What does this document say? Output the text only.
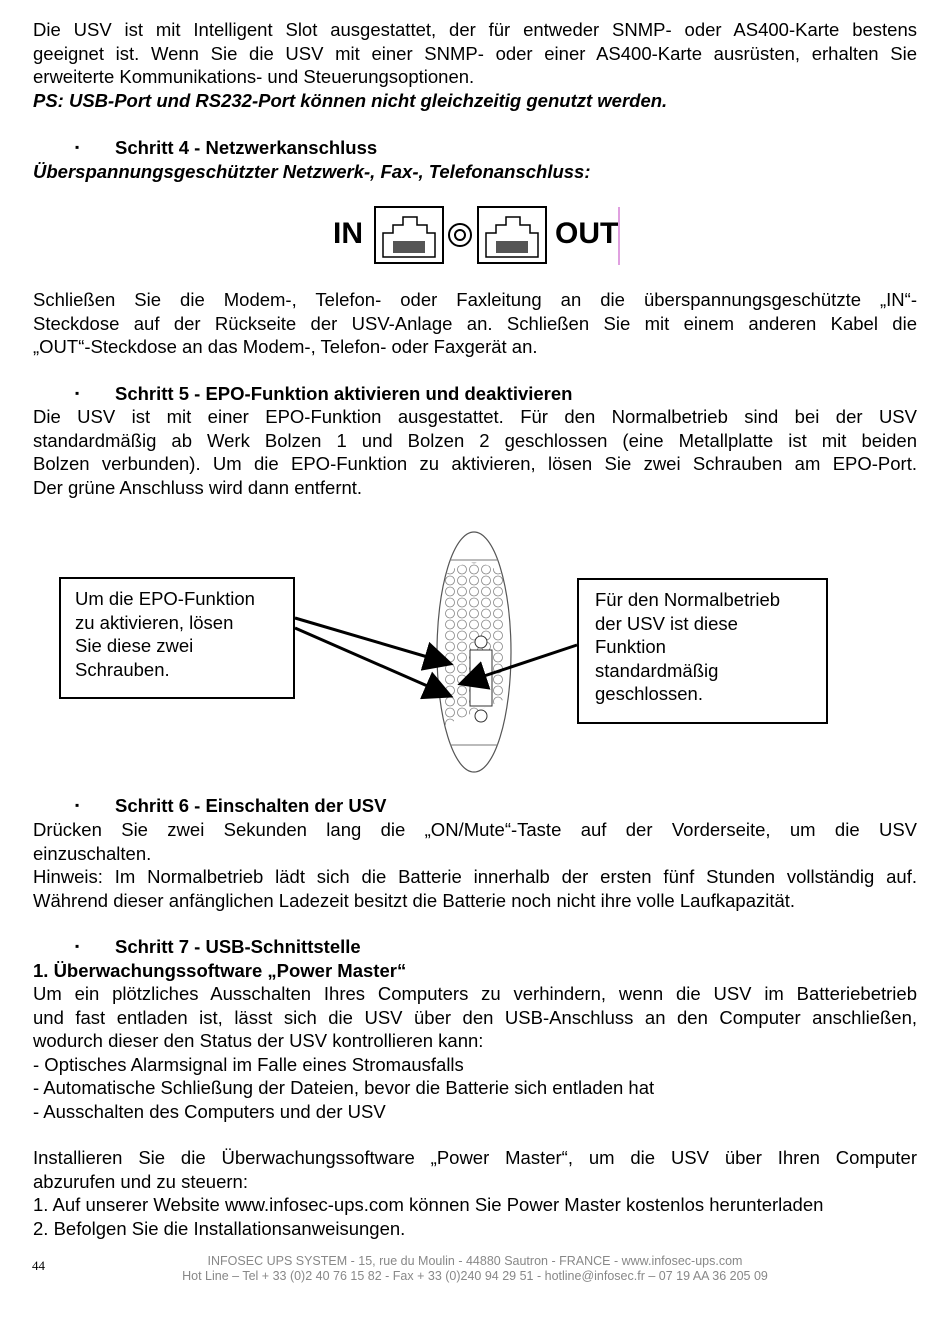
Die USV ist mit Intelligent Slot ausgestattet, der für entweder SNMP- oder AS400-Karte bestens
geeignet ist. Wenn Sie die USV mit einer SNMP- oder einer AS400-Karte ausrüsten, erhalten Sie
erweiterte Kommunikations- und Steuerungsoptionen.
PS: USB-Port und RS232-Port können nicht gleichzeitig genutzt werden.
▪ Schritt 4 - Netzwerkanschluss
Überspannungsgeschützter Netzwerk-, Fax-, Telefonanschluss:
IN	OUT
Schließen Sie die Modem-, Telefon- oder Faxleitung an die überspannungsgeschützte „IN“-
Steckdose auf der Rückseite der USV-Anlage an. Schließen Sie mit einem anderen Kabel die
„OUT“-Steckdose an das Modem-, Telefon- oder Faxgerät an.
▪ Schritt 5 - EPO-Funktion aktivieren und deaktivieren
Die USV ist mit einer EPO-Funktion ausgestattet. Für den Normalbetrieb sind bei der USV
standardmäßig ab Werk Bolzen 1 und Bolzen 2 geschlossen (eine Metallplatte ist mit beiden
Bolzen verbunden). Um die EPO-Funktion zu aktivieren, lösen Sie zwei Schrauben am EPO-Port.
Der grüne Anschluss wird dann entfernt.
Um die EPO-Funktion
zu aktivieren, lösen
Sie diese zwei
Schrauben.
Für den Normalbetrieb
der USV ist diese
Funktion
standardmäßig
geschlossen.
▪ Schritt 6 - Einschalten der USV
Drücken Sie zwei Sekunden lang die „ON/Mute“-Taste auf der Vorderseite, um die USV
einzuschalten.
Hinweis: Im Normalbetrieb lädt sich die Batterie innerhalb der ersten fünf Stunden vollständig auf.
Während dieser anfänglichen Ladezeit besitzt die Batterie noch nicht ihre volle Laufkapazität.
▪ Schritt 7 - USB-Schnittstelle
1. Überwachungssoftware „Power Master“
Um ein plötzliches Ausschalten Ihres Computers zu verhindern, wenn die USV im Batteriebetrieb
und fast entladen ist, lässt sich die USV über den USB-Anschluss an den Computer anschließen,
wodurch dieser den Status der USV kontrollieren kann:
- Optisches Alarmsignal im Falle eines Stromausfalls
- Automatische Schließung der Dateien, bevor die Batterie sich entladen hat
- Ausschalten des Computers und der USV
Installieren Sie die Überwachungssoftware „Power Master“, um die USV über Ihren Computer
abzurufen und zu steuern:
1. Auf unserer Website www.infosec-ups.com können Sie Power Master kostenlos herunterladen
2. Befolgen Sie die Installationsanweisungen.
44	INFOSEC UPS SYSTEM - 15, rue du Moulin - 44880 Sautron - FRANCE - www.infosec-ups.com
Hot Line – Tel + 33 (0)2 40 76 15 82 - Fax + 33 (0)240 94 29 51 - hotline@infosec.fr – 07 19 AA 36 205 09
